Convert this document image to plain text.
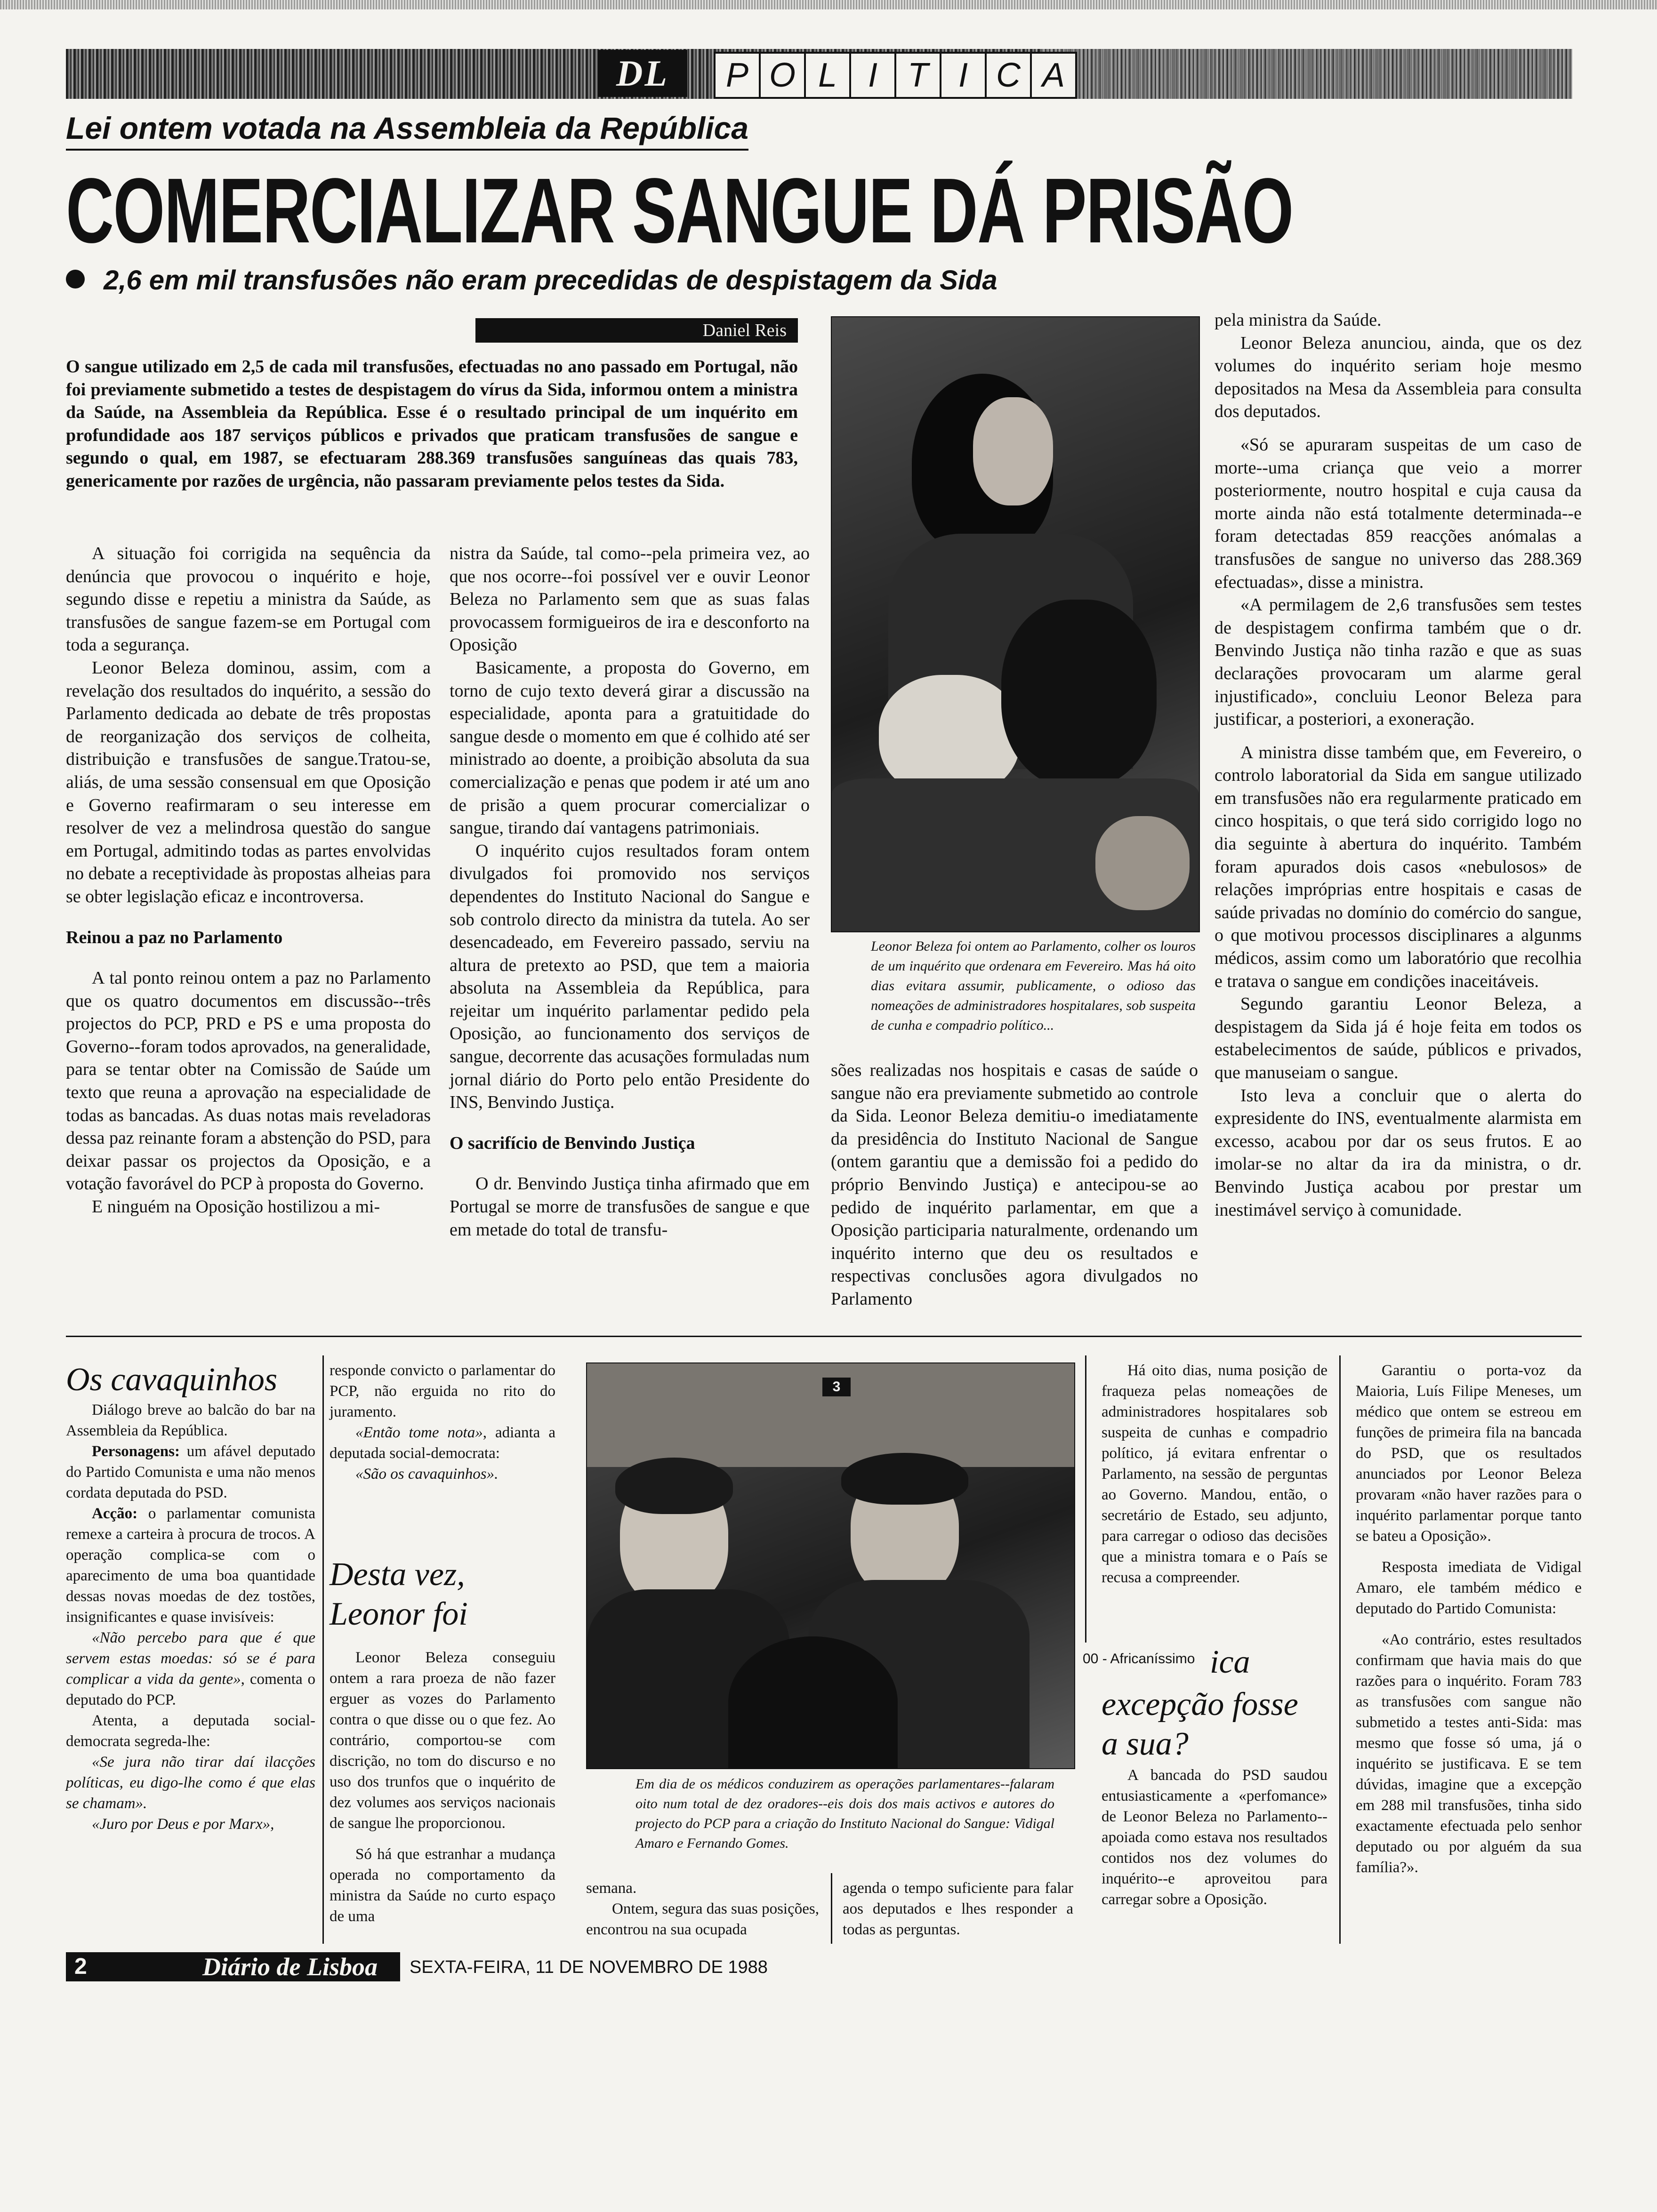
DL	P O L I T I C A
Lei ontem votada na Assembleia da República
COMERCIALIZAR SANGUE DÁ PRISÃO
2,6 em mil transfusões não eram precedidas de despistagem da Sida
Daniel Reis
O sangue utilizado em 2,5 de cada mil transfusões, efectuadas no ano passado em Portugal, não foi previamente submetido a testes de despistagem do vírus da Sida, informou ontem a ministra da Saúde, na Assembleia da República. Esse é o resultado principal de um inquérito em profundidade aos 187 serviços públicos e privados que praticam transfusões de sangue e segundo o qual, em 1987, se efectuaram 288.369 transfusões sanguíneas das quais 783, genericamente por razões de urgência, não passaram previamente pelos testes da Sida.

A situação foi corrigida na sequência da denúncia que provocou o inquérito e hoje, segundo disse e repetiu a ministra da Saúde, as transfusões de sangue fazem-se em Portugal com toda a segurança.

Leonor Beleza dominou, assim, com a revelação dos resultados do inquérito, a sessão do Parlamento dedicada ao debate de três propostas de reorganização dos serviços de colheita, distribuição e transfusões de sangue.Tratou-se, aliás, de uma sessão consensual em que Oposição e Governo reafirmaram o seu interesse em resolver de vez a melindrosa questão do sangue em Portugal, admitindo todas as partes envolvidas no debate a receptividade às propostas alheias para se obter legislação eficaz e incontroversa.

Reinou a paz no Parlamento

A tal ponto reinou ontem a paz no Parlamento que os quatro documentos em discussão--três projectos do PCP, PRD e PS e uma proposta do Governo--foram todos aprovados, na generalidade, para se tentar obter na Comissão de Saúde um texto que reuna a aprovação na especialidade de todas as bancadas. As duas notas mais reveladoras dessa paz reinante foram a abstenção do PSD, para deixar passar os projectos da Oposição, e a votação favorável do PCP à proposta do Governo.

E ninguém na Oposição hostilizou a mi-

nistra da Saúde, tal como--pela primeira vez, ao que nos ocorre--foi possível ver e ouvir Leonor Beleza no Parlamento sem que as suas falas provocassem formigueiros de ira e desconforto na Oposição

Basicamente, a proposta do Governo, em torno de cujo texto deverá girar a discussão na especialidade, aponta para a gratuitidade do sangue desde o momento em que é colhido até ser ministrado ao doente, a proibição absoluta da sua comercialização e penas que podem ir até um ano de prisão a quem procurar comercializar o sangue, tirando daí vantagens patrimoniais.

O inquérito cujos resultados foram ontem divulgados foi promovido nos serviços dependentes do Instituto Nacional do Sangue e sob controlo directo da ministra da tutela. Ao ser desencadeado, em Fevereiro passado, serviu na altura de pretexto ao PSD, que tem a maioria absoluta na Assembleia da República, para rejeitar um inquérito parlamentar pedido pela Oposição, ao funcionamento dos serviços de sangue, decorrente das acusações formuladas num jornal diário do Porto pelo então Presidente do INS, Benvindo Justiça.

O sacrifício de Benvindo Justiça

O dr. Benvindo Justiça tinha afirmado que em Portugal se morre de transfusões de sangue e que em metade do total de transfu-

Leonor Beleza foi ontem ao Parlamento, colher os louros de um inquérito que ordenara em Fevereiro. Mas há oito dias evitara assumir, publicamente, o odioso das nomeações de administradores hospitalares, sob suspeita de cunha e compadrio político...

sões realizadas nos hospitais e casas de saúde o sangue não era previamente submetido ao controle da Sida. Leonor Beleza demitiu-o imediatamente da presidência do Instituto Nacional de Sangue (ontem garantiu que a demissão foi a pedido do próprio Benvindo Justiça) e antecipou-se ao pedido de inquérito parlamentar, em que a Oposição participaria naturalmente, ordenando um inquérito interno que deu os resultados e respectivas conclusões agora divulgados no Parlamento

pela ministra da Saúde.

Leonor Beleza anunciou, ainda, que os dez volumes do inquérito seriam hoje mesmo depositados na Mesa da Assembleia para consulta dos deputados.

«Só se apuraram suspeitas de um caso de morte--uma criança que veio a morrer posteriormente, noutro hospital e cuja causa da morte ainda não está totalmente determinada--e foram detectadas 859 reacções anómalas a transfusões de sangue no universo das 288.369 efectuadas», disse a ministra.

«A permilagem de 2,6 transfusões sem testes de despistagem confirma também que o dr. Benvindo Justiça não tinha razão e que as suas declarações provocaram um alarme geral injustificado», concluiu Leonor Beleza para justificar, a posteriori, a exoneração.

A ministra disse também que, em Fevereiro, o controlo laboratorial da Sida em sangue utilizado em transfusões não era regularmente praticado em cinco hospitais, o que terá sido corrigido logo no dia seguinte à abertura do inquérito. Também foram apurados dois casos «nebulosos» de relações impróprias entre hospitais e casas de saúde privadas no domínio do comércio do sangue, o que motivou processos disciplinares a algunms médicos, assim como um laboratório que recolhia e tratava o sangue em condições inaceitáveis.

Segundo garantiu Leonor Beleza, a despistagem da Sida já é hoje feita em todos os estabelecimentos de saúde, públicos e privados, que manuseiam o sangue.

Isto leva a concluir que o alerta do expresidente do INS, eventualmente alarmista em excesso, acabou por dar os seus frutos. E ao imolar-se no altar da ira da ministra, o dr. Benvindo Justiça acabou por prestar um inestimável serviço à comunidade.

Os cavaquinhos

Diálogo breve ao balcão do bar na Assembleia da República.

Personagens: um afável deputado do Partido Comunista e uma não menos cordata deputada do PSD.

Acção: o parlamentar comunista remexe a carteira à procura de trocos. A operação complica-se com o aparecimento de uma boa quantidade dessas novas moedas de dez tostões, insignificantes e quase invisíveis:

«Não percebo para que é que servem estas moedas: só se é para complicar a vida da gente», comenta o deputado do PCP.

Atenta, a deputada social-democrata segreda-lhe:

«Se jura não tirar daí ilacções políticas, eu digo-lhe como é que elas se chamam».

«Juro por Deus e por Marx»,

responde convicto o parlamentar do PCP, não erguida no rito do juramento.

«Então tome nota», adianta a deputada social-democrata:

«São os cavaquinhos».

Desta vez, Leonor foi

Leonor Beleza conseguiu ontem a rara proeza de não fazer erguer as vozes do Parlamento contra o que disse ou o que fez. Ao contrário, comportou-se com discrição, no tom do discurso e no uso dos trunfos que o inquérito de dez volumes aos serviços nacionais de sangue lhe proporcionou.

Só há que estranhar a mudança operada no comportamento da ministra da Saúde no curto espaço de uma

3
Em dia de os médicos conduzirem as operações parlamentares--falaram oito num total de dez oradores--eis dois dos mais activos e autores do projecto do PCP para a criação do Instituto Nacional do Sangue: Vidigal Amaro e Fernando Gomes.

semana.

Ontem, segura das suas posições, encontrou na sua ocupada

agenda o tempo suficiente para falar aos deputados e lhes responder a todas as perguntas.

Há oito dias, numa posição de fraqueza pelas nomeações de administradores hospitalares sob suspeita de cunhas e compadrio político, já evitara enfrentar o Parlamento, na sessão de perguntas ao Governo. Mandou, então, o secretário de Estado, seu adjunto, para carregar o odioso das decisões que a ministra tomara e o País se recusa a compreender.

00 - Africaníssimo ica
excepção fosse a sua?

A bancada do PSD saudou entusiasticamente a «perfomance» de Leonor Beleza no Parlamento--apoiada como estava nos resultados contidos nos dez volumes do inquérito--e aproveitou para carregar sobre a Oposição.

Garantiu o porta-voz da Maioria, Luís Filipe Meneses, um médico que ontem se estreou em funções de primeira fila na bancada do PSD, que os resultados anunciados por Leonor Beleza provaram «não haver razões para o inquérito parlamentar porque tanto se bateu a Oposição».

Resposta imediata de Vidigal Amaro, ele também médico e deputado do Partido Comunista:

«Ao contrário, estes resultados confirmam que havia mais do que razões para o inquérito. Foram 783 as transfusões com sangue não submetido a testes anti-Sida: mas mesmo que fosse só uma, já o inquérito se justificava. E se tem dúvidas, imagine que a excepção em 288 mil transfusões, tinha sido exactamente efectuada pelo senhor deputado ou por alguém da sua família?».

2	Diário de Lisboa SEXTA-FEIRA, 11 DE NOVEMBRO DE 1988
